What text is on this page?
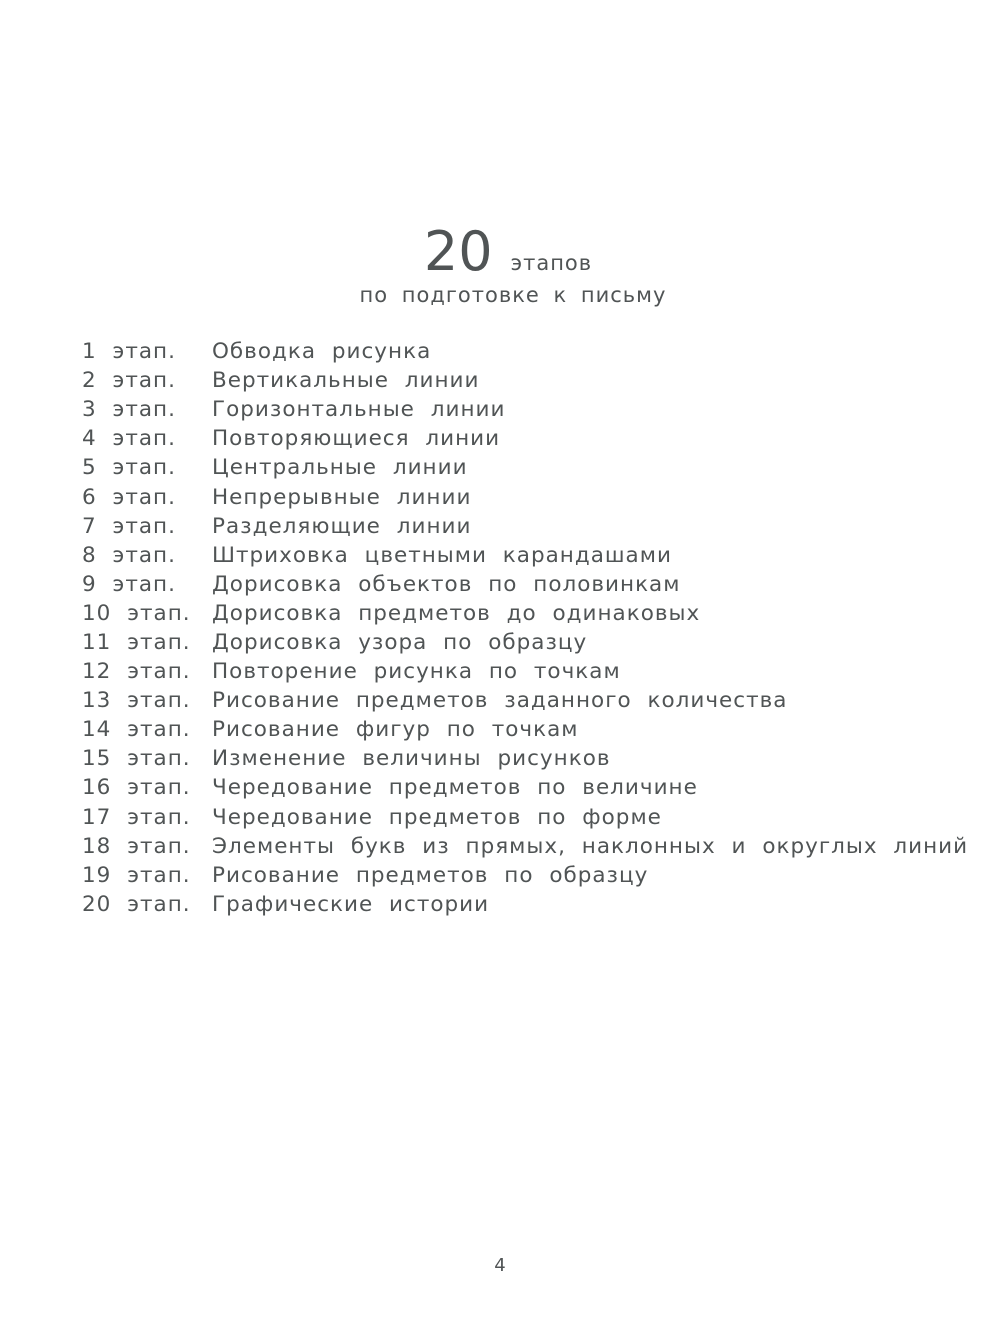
20 этапов
по подготовке к письму
1 этап.	Обводка рисунка
2 этап.	Вертикальные линии
3 этап.	Горизонтальные линии
4 этап.	Повторяющиеся линии
5 этап.	Центральные линии
6 этап.	Непрерывные линии
7 этап.	Разделяющие линии
8 этап.	Штриховка цветными карандашами
9 этап.	Дорисовка объектов по половинкам
10 этап. Дорисовка предметов до одинаковых
11 этап. Дорисовка узора по образцу
12 этап. Повторение рисунка по точкам
13 этап. Рисование предметов заданного количества
14 этап. Рисование фигур по точкам
15 этап. Изменение величины рисунков
16 этап. Чередование предметов по величине
17 этап. Чередование предметов по форме
18 этап. Элементы букв из прямых, наклонных и округлых линий
19 этап. Рисование предметов по образцу
20 этап. Графические истории
4
